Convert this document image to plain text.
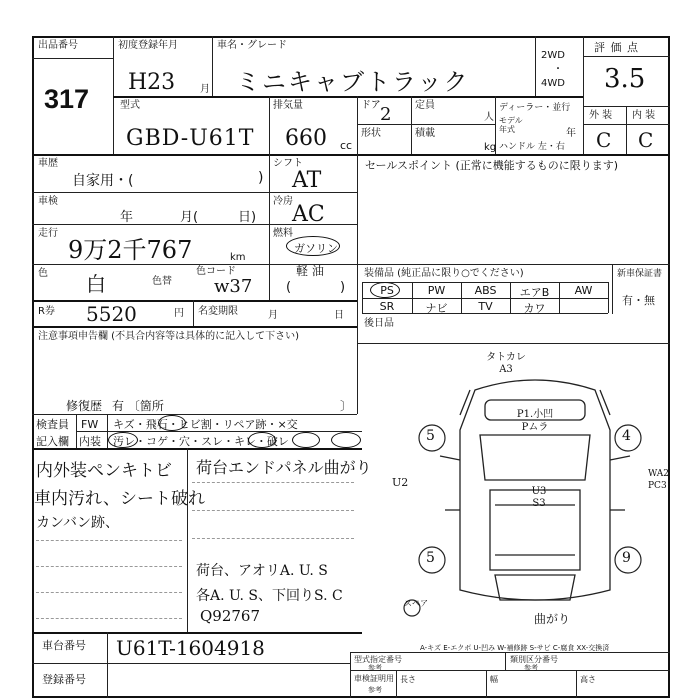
出品番号
317
初度登録年月
H23 月
車名・グレード
ミニキャブトラック
2WD
・
4WD
評 価 点
3.5
型式
GBD-U61T
排気量
660 cc
ドア 2 定員
人
形状	積載
kg
ディーラー・並行
モデル年式	年
ハンドル 左・右
外 装 内 装
C C
車歴
自家用・(	)
シフト
AT
車検
年	月(	日)
冷房
AC
走行
9万2千767	km
燃料
ガソリン
軽 油
色 白	色替
色コード
w37	(	)
R券 5520	円 名変期限	月	日
セールスポイント (正常に機能するものに限ります)
装備品 (純正品に限り○でください)	新車保証書
有・無
PS	PW	ABS	エアB	AW
SR	ナビ	TV	カワ
後日品
注意事項申告欄 (不具合内容等は具体的に記入して下さい)
修復歴 有 〔箇所	〕
検査員
記入欄
FW
内装
キズ・飛石・ヒビ割・リペア跡・×交
汚レ・コゲ・穴・スレ・キレ・破レ
内外装ペンキトビ
車内汚れ、シート破れ
カンバン跡、
荷台エンドパネル曲がり
荷台、アオリA. U. S
各A. U. S、下回りS. C
Q92767
5	4
5	9
タトカレ A3
P1.小凹 Pムラ
U2
U3 S3
WA2 PC3
曲がり
スペア
A-キズ E-エクボ U-凹み W-補修跡 S-サビ C-腐食 XX-交換済
車台番号 U61T-1604918
登録番号
型式指定番号
参考
類別区分番号
参考
車検証明用
参考
長さ	幅	高さ
